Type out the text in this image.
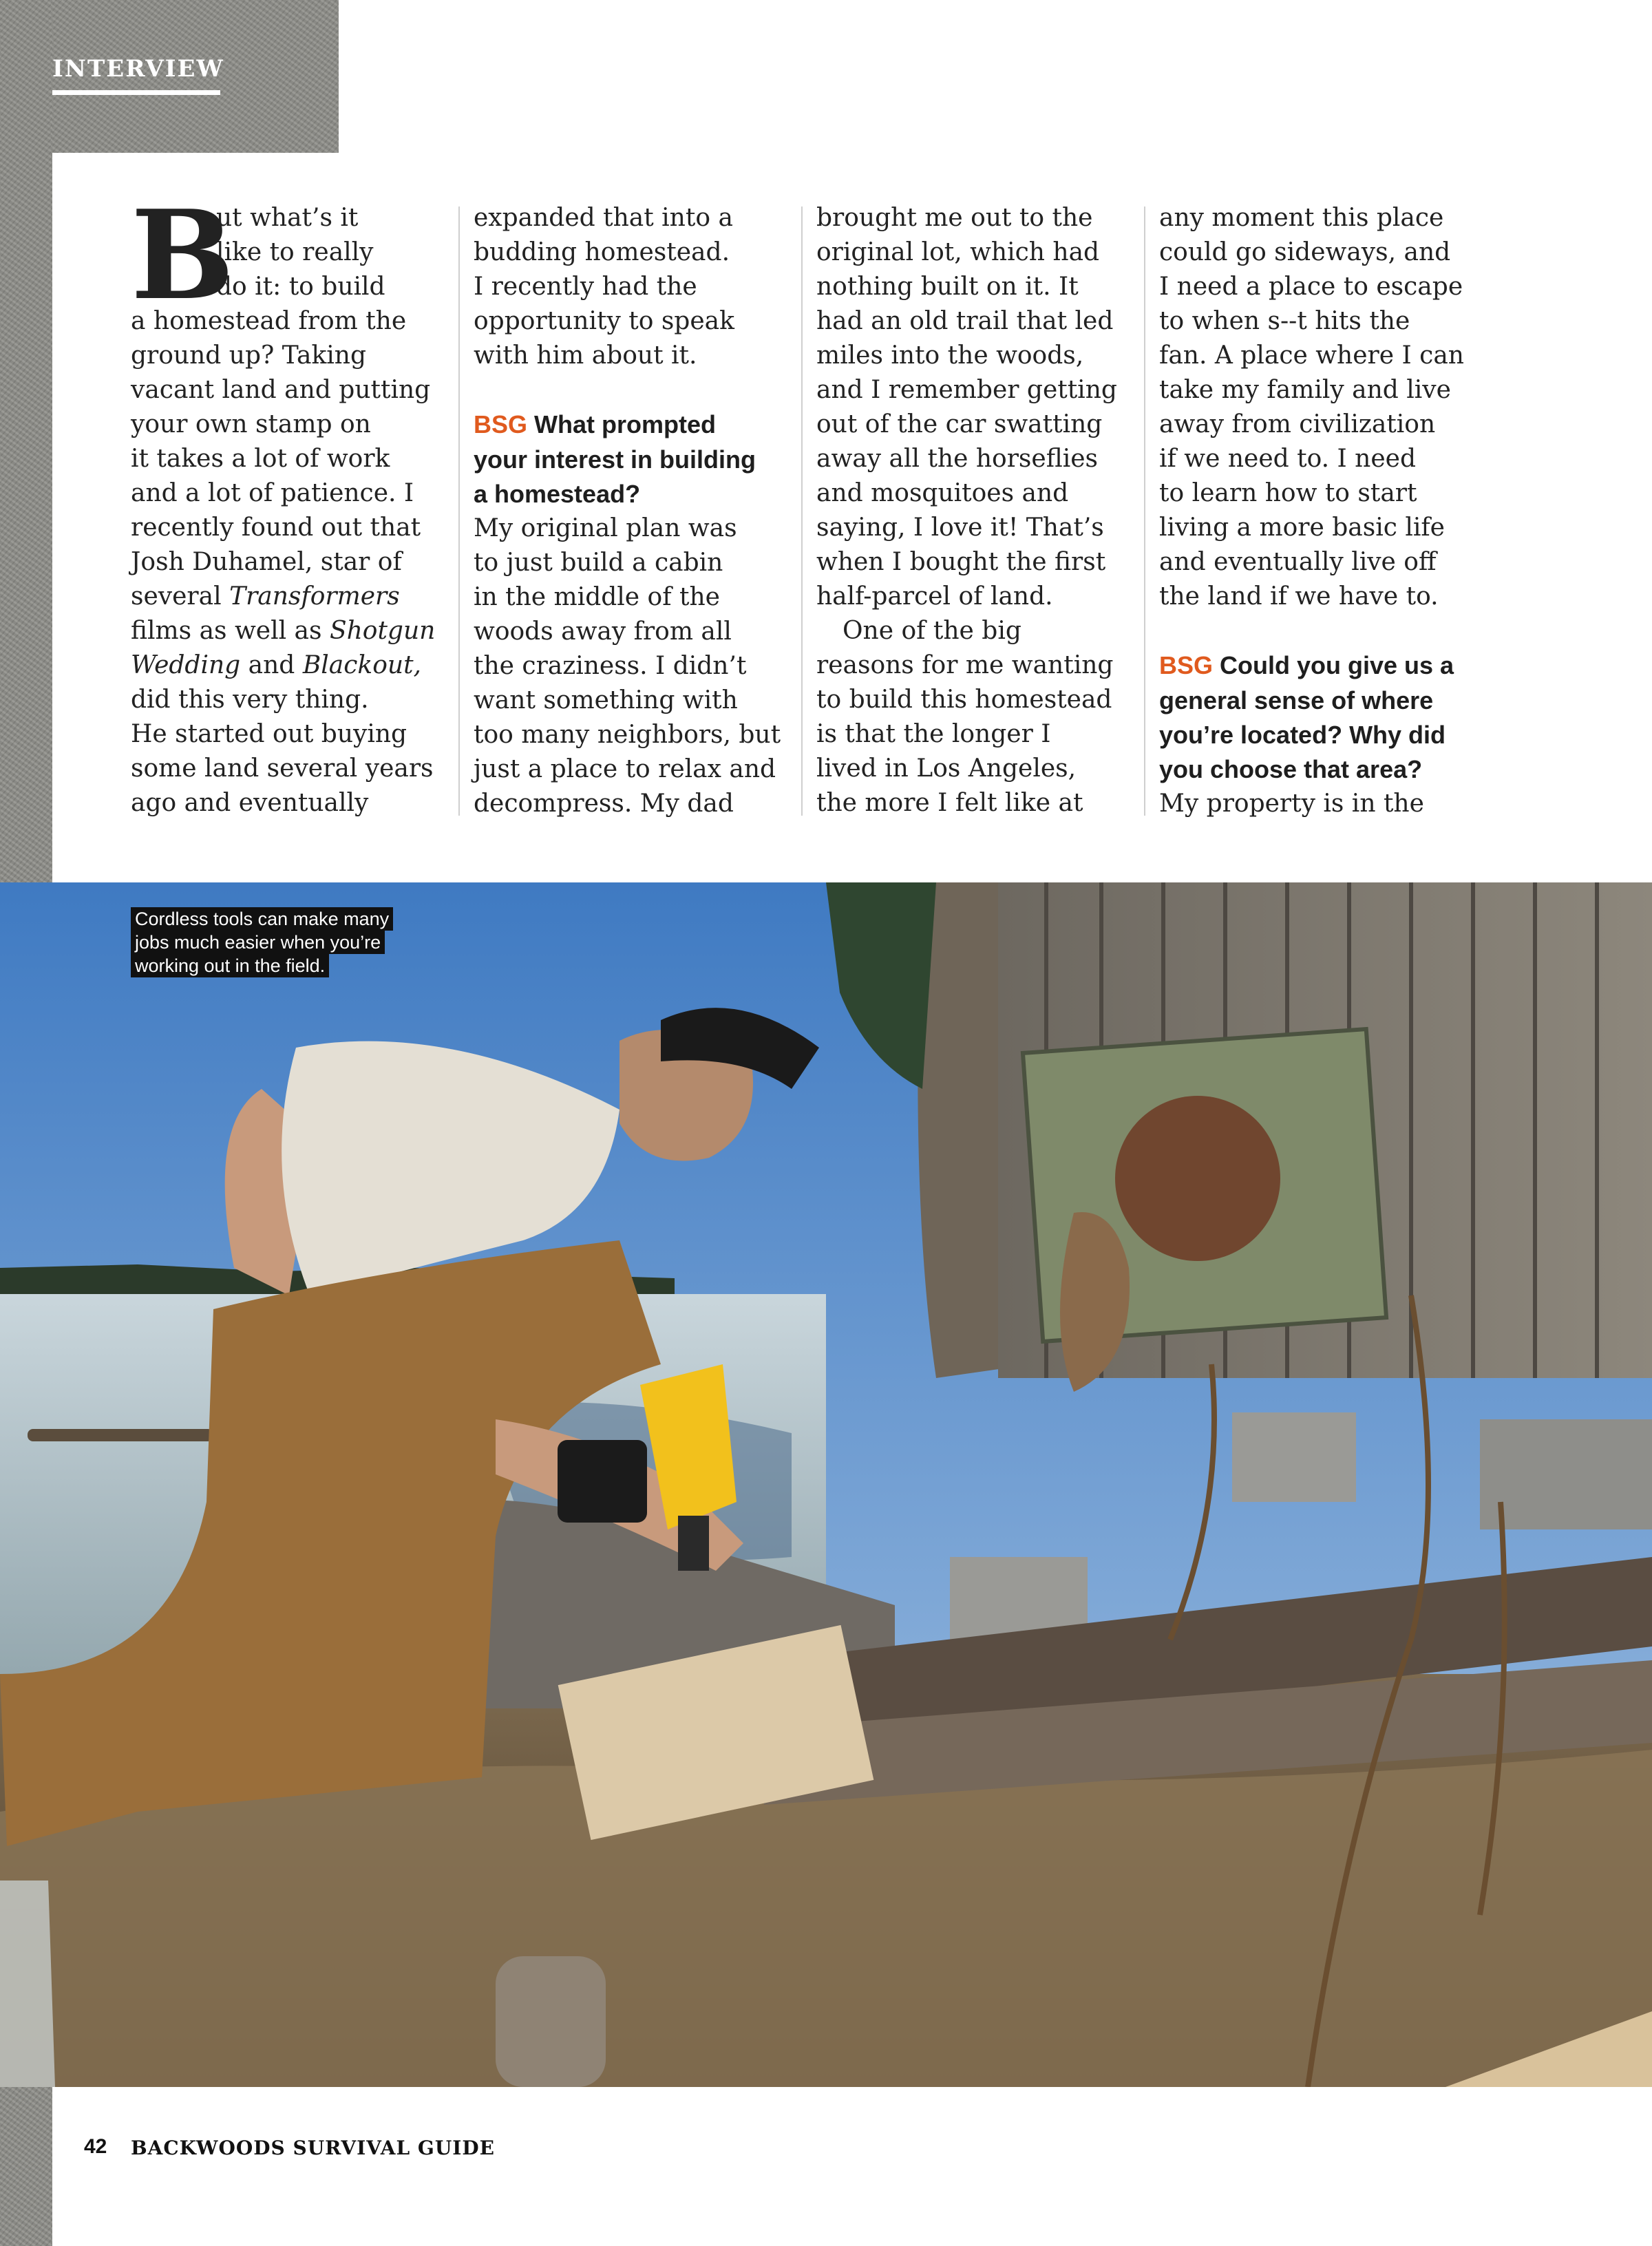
INTERVIEW
B
ut what’s it
like to really
do it: to build
a homestead from the
ground up? Taking
vacant land and putting
your own stamp on
it takes a lot of work
and a lot of patience. I
recently found out that
Josh Duhamel, star of
several Transformers
films as well as Shotgun
Wedding and Blackout,
did this very thing.
He started out buying
some land several years
ago and eventually
expanded that into a
budding homestead.
I recently had the
opportunity to speak
with him about it.
BSG What prompted
your interest in building
a homestead?
My original plan was
to just build a cabin
in the middle of the
woods away from all
the craziness. I didn’t
want something with
too many neighbors, but
just a place to relax and
decompress. My dad
brought me out to the
original lot, which had
nothing built on it. It
had an old trail that led
miles into the woods,
and I remember getting
out of the car swatting
away all the horseflies
and mosquitoes and
saying, I love it! That’s
when I bought the first
half-parcel of land.
One of the big
reasons for me wanting
to build this homestead
is that the longer I
lived in Los Angeles,
the more I felt like at
any moment this place
could go sideways, and
I need a place to escape
to when s--t hits the
fan. A place where I can
take my family and live
away from civilization
if we need to. I need
to learn how to start
living a more basic life
and eventually live off
the land if we have to.
BSG Could you give us a
general sense of where
you’re located? Why did
you choose that area?
My property is in the
Cordless tools can make many
jobs much easier when you’re
working out in the field.
42 BACKWOODS SURVIVAL GUIDE
